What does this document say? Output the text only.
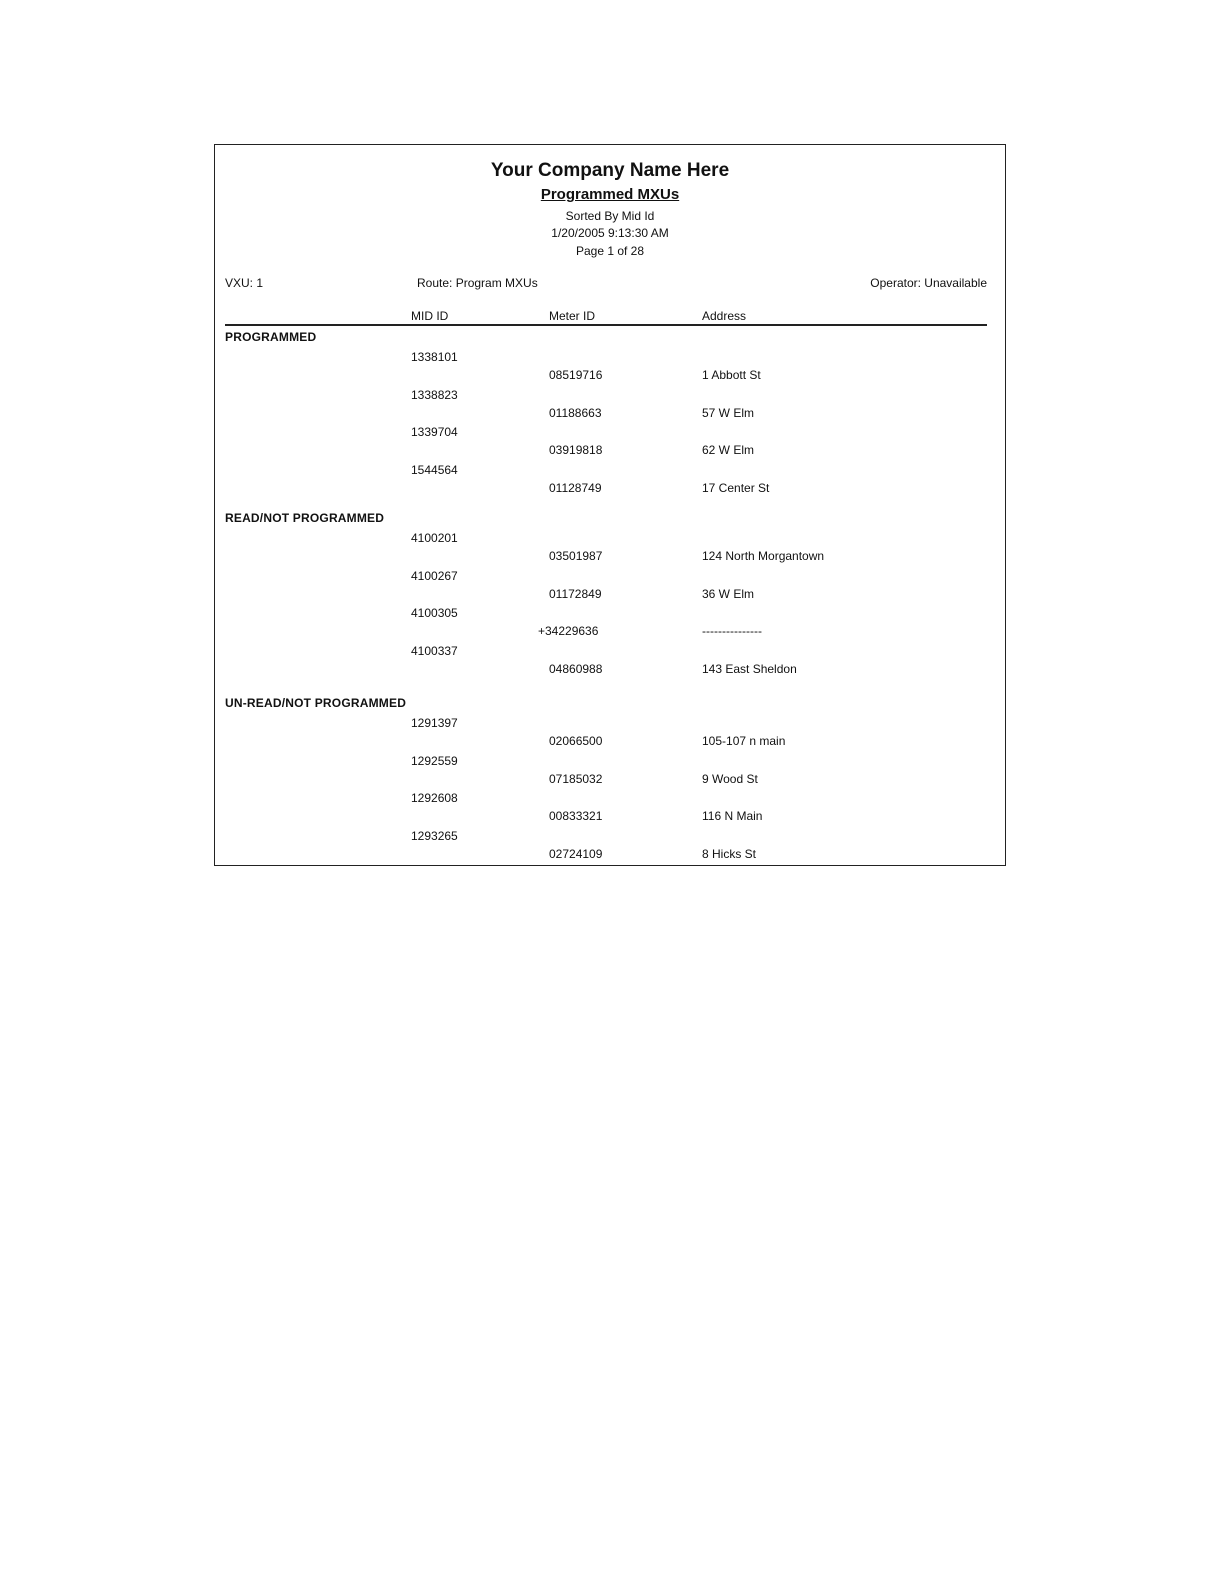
Your Company Name Here
Programmed MXUs
Sorted By Mid Id
1/20/2005 9:13:30 AM
Page 1 of 28
VXU: 1	Route: Program MXUs	Operator: Unavailable
MID ID	Meter ID	Address
PROGRAMMED
1338101
08519716	1 Abbott St
1338823
01188663	57 W Elm
1339704
03919818	62 W Elm
1544564
01128749	17 Center St
READ/NOT PROGRAMMED
4100201
03501987	124 North Morgantown
4100267
01172849	36 W Elm
4100305
+34229636	---------------
4100337
04860988	143 East Sheldon
UN-READ/NOT PROGRAMMED
1291397
02066500	105-107 n main
1292559
07185032	9 Wood St
1292608
00833321	116 N Main
1293265
02724109	8 Hicks St
